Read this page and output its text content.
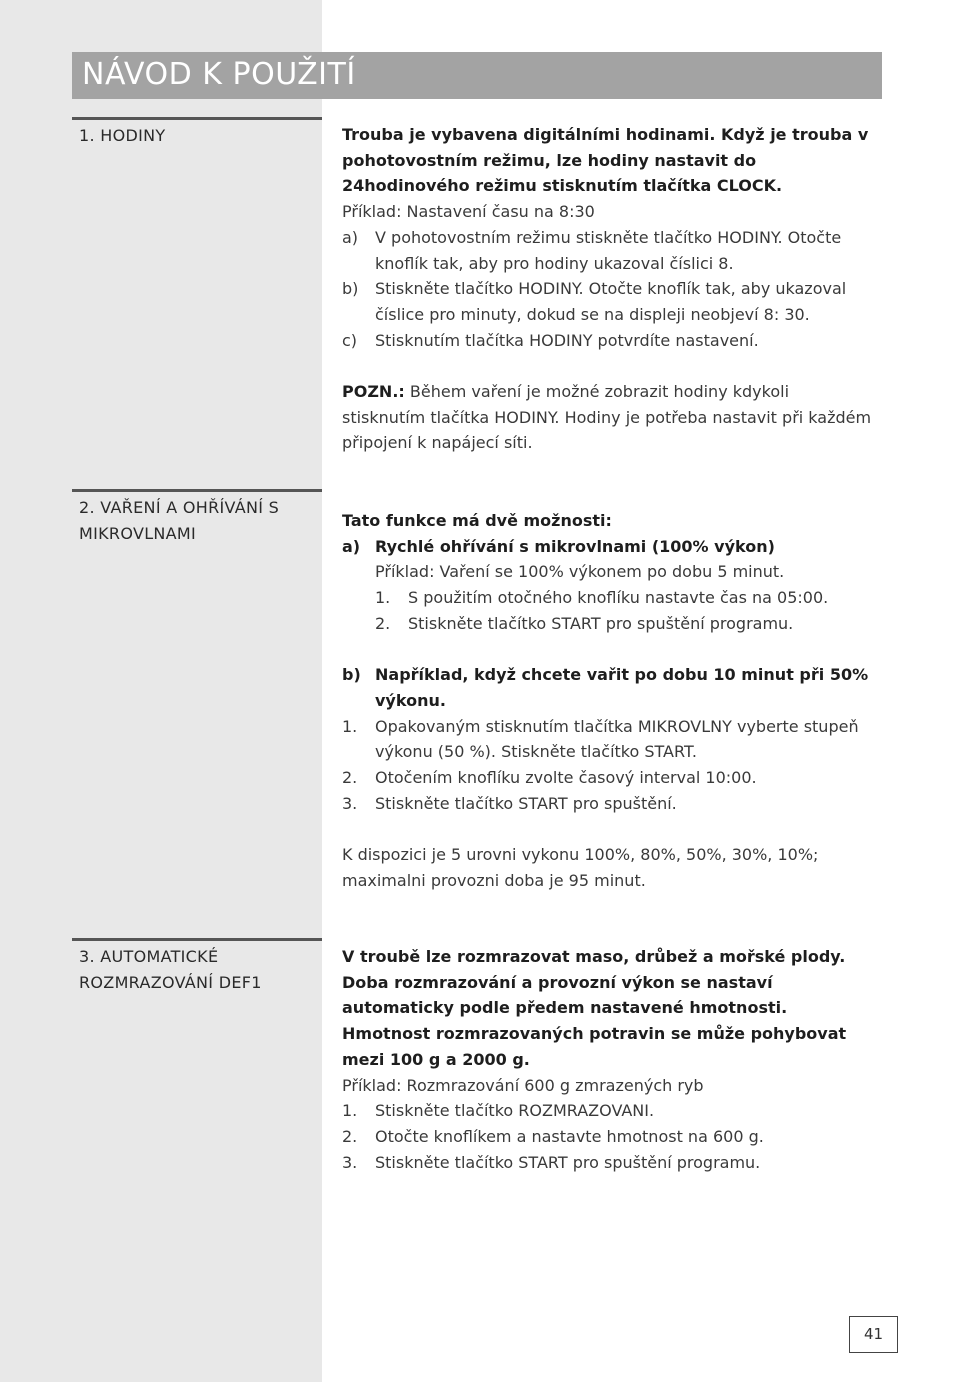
NÁVOD K POUŽITÍ
1. HODINY	Trouba je vybavena digitálními hodinami. Když je trouba v pohotovostním režimu, lze hodiny nastavit do 24hodinového režimu stisknutím tlačítka CLOCK.

Příklad: Nastavení času na 8:30

a)	V pohotovostním režimu stiskněte tlačítko HODINY. Otočte knoflík tak, aby pro hodiny ukazoval číslici 8.
b)	Stiskněte tlačítko HODINY. Otočte knoflík tak, aby ukazoval číslice pro minuty, dokud se na displeji neobjeví 8: 30.
c)	Stisknutím tlačítka HODINY potvrdíte nastavení.

POZN.: Během vaření je možné zobrazit hodiny kdykoli stisknutím tlačítka HODINY. Hodiny je potřeba nastavit při každém připojení k napájecí síti.

2. VAŘENÍ A OHŘÍVÁNÍ S MIKROVLNAMI

Tato funkce má dvě možnosti:

a) Rychlé ohřívání s mikrovlnami (100% výkon)

Příklad: Vaření se 100% výkonem po dobu 5 minut.

1.	S použitím otočného knoflíku nastavte čas na 05:00.
2.	Stiskněte tlačítko START pro spuštění programu.
b) Například, když chcete vařit po dobu 10 minut při 50% výkonu.
1.	Opakovaným stisknutím tlačítka MIKROVLNY vyberte stupeň výkonu (50 %). Stiskněte tlačítko START.
2.	Otočením knoflíku zvolte časový interval 10:00.
3.	Stiskněte tlačítko START pro spuštění.

K dispozici je 5 urovni vykonu 100%, 80%, 50%, 30%, 10%; maximalni provozni doba je 95 minut.

3. AUTOMATICKÉ ROZMRAZOVÁNÍ DEF1

V troubě lze rozmrazovat maso, drůbež a mořské plody. Doba rozmrazování a provozní výkon se nastaví automaticky podle předem nastavené hmotnosti. Hmotnost rozmrazovaných potravin se může pohybovat mezi 100 g a 2000 g.

Příklad: Rozmrazování 600 g zmrazených ryb

1.	Stiskněte tlačítko ROZMRAZOVANI.
2.	Otočte knoflíkem a nastavte hmotnost na 600 g.
3.	Stiskněte tlačítko START pro spuštění programu.
41
